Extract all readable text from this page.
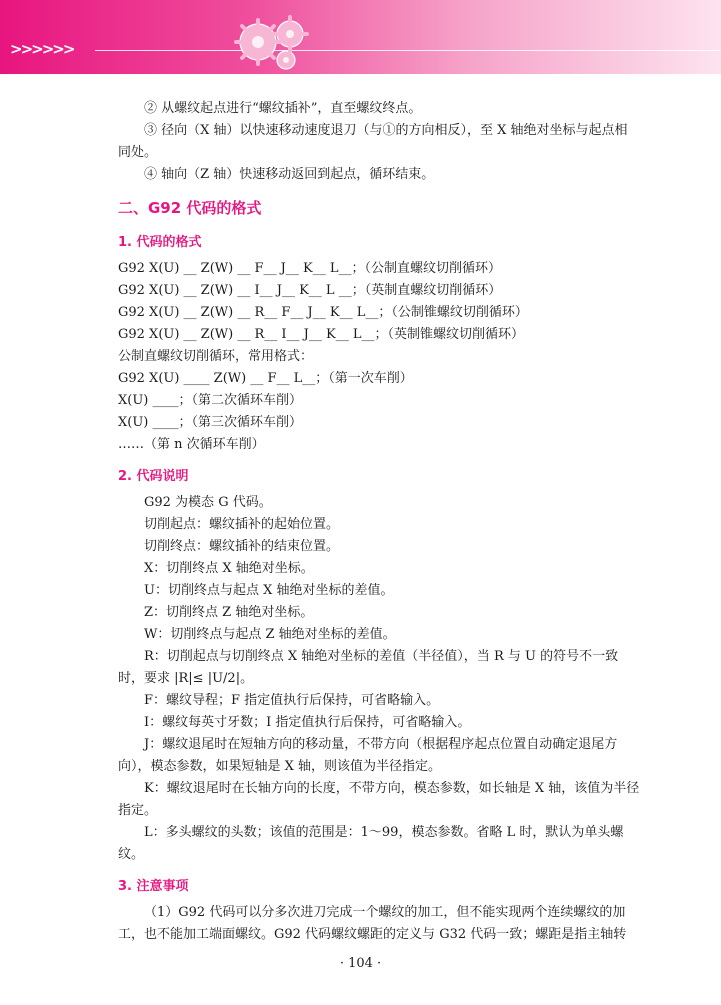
>>>>>>

② 从螺纹起点进行“螺纹插补”，直至螺纹终点。

③ 径向（X 轴）以快速移动速度退刀（与①的方向相反），至 X 轴绝对坐标与起点相同处。

④ 轴向（Z 轴）快速移动返回到起点，循环结束。

二、G92 代码的格式
1. 代码的格式

G92 X(U) __ Z(W) __ F__ J__ K__ L__；（公制直螺纹切削循环）

G92 X(U) __ Z(W) __ I__ J__ K__ L __；（英制直螺纹切削循环）

G92 X(U) __ Z(W) __ R__ F__ J__ K__ L__；（公制锥螺纹切削循环）

G92 X(U) __ Z(W) __ R__ I__ J__ K__ L__；（英制锥螺纹切削循环）

公制直螺纹切削循环，常用格式：

G92 X(U) ____ Z(W) __ F__ L__；（第一次车削）

X(U) ____；（第二次循环车削）

X(U) ____；（第三次循环车削）

……（第 n 次循环车削）

2. 代码说明

G92 为模态 G 代码。

切削起点：螺纹插补的起始位置。

切削终点：螺纹插补的结束位置。

X：切削终点 X 轴绝对坐标。

U：切削终点与起点 X 轴绝对坐标的差值。

Z：切削终点 Z 轴绝对坐标。

W：切削终点与起点 Z 轴绝对坐标的差值。

R：切削起点与切削终点 X 轴绝对坐标的差值（半径值），当 R 与 U 的符号不一致时，要求 |R|≤ |U/2|。

F：螺纹导程；F 指定值执行后保持，可省略输入。

I：螺纹每英寸牙数；I 指定值执行后保持，可省略输入。

J：螺纹退尾时在短轴方向的移动量，不带方向（根据程序起点位置自动确定退尾方向），模态参数，如果短轴是 X 轴，则该值为半径指定。

K：螺纹退尾时在长轴方向的长度，不带方向，模态参数，如长轴是 X 轴，该值为半径指定。

L：多头螺纹的头数；该值的范围是：1～99，模态参数。省略 L 时，默认为单头螺纹。

3. 注意事项

（1）G92 代码可以分多次进刀完成一个螺纹的加工，但不能实现两个连续螺纹的加工，也不能加工端面螺纹。G92 代码螺纹螺距的定义与 G32 代码一致；螺距是指主轴转

· 104 ·
